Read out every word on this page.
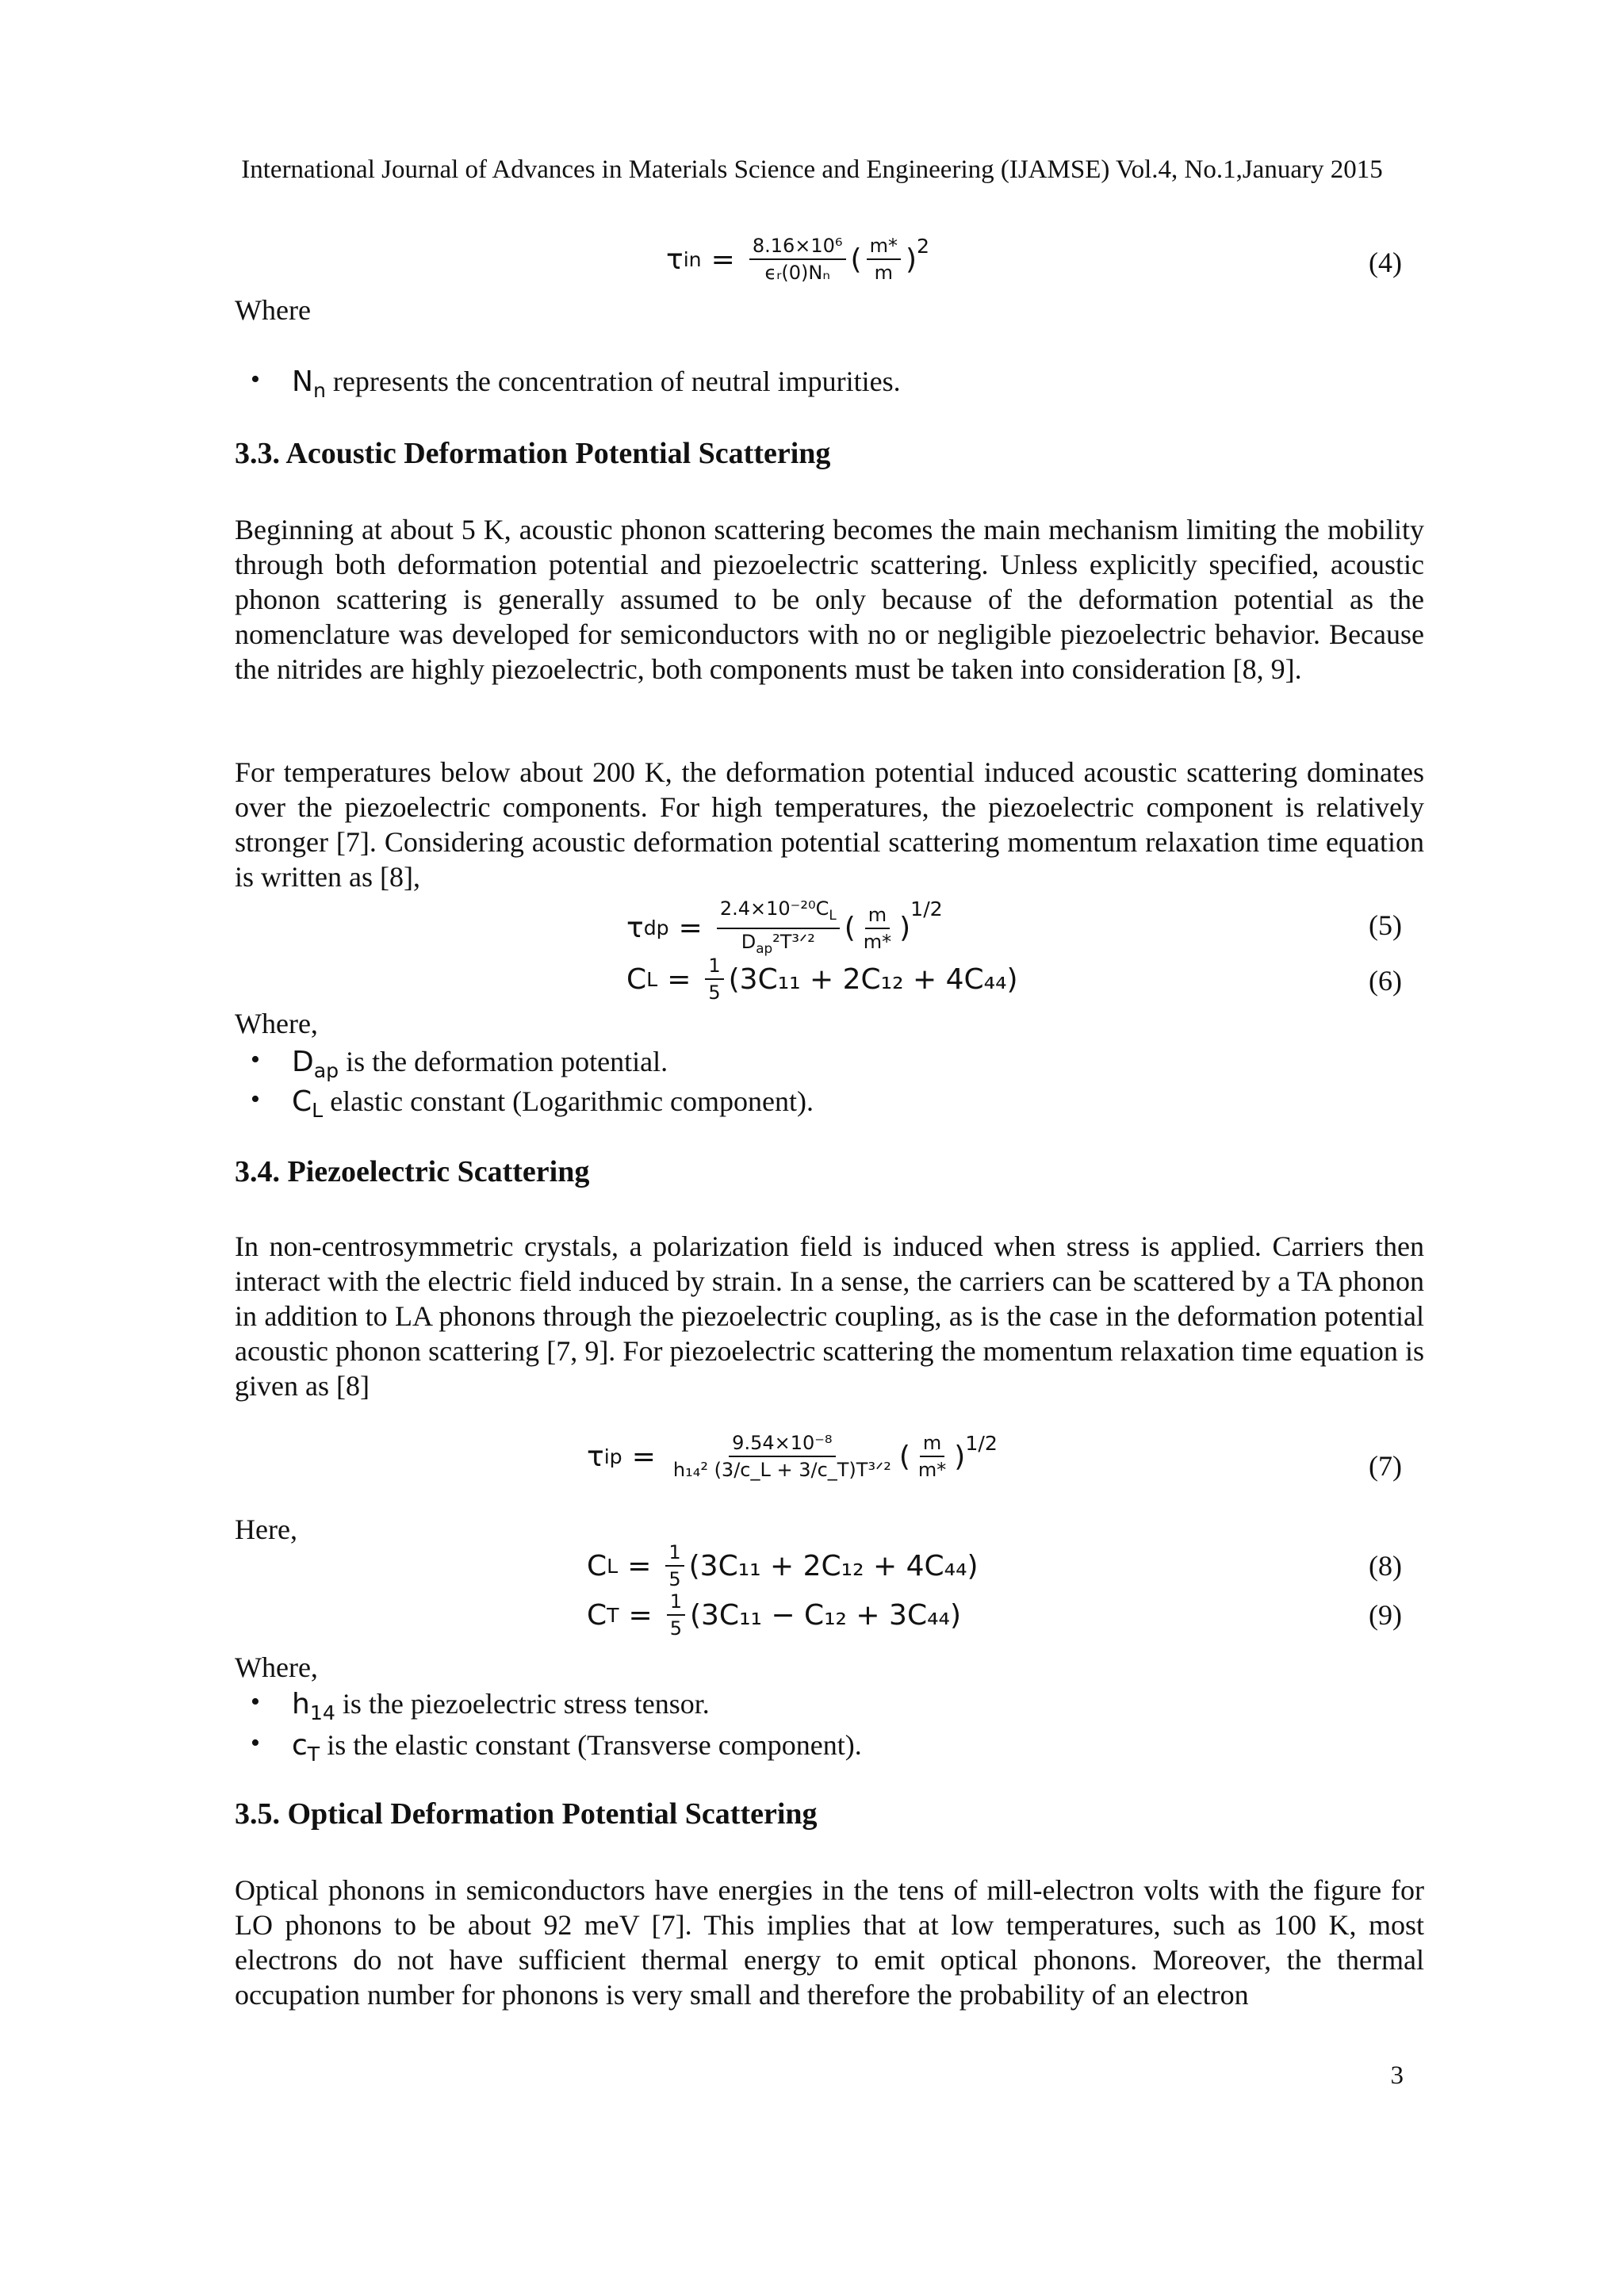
International Journal of Advances in Materials Science and Engineering (IJAMSE) Vol.4, No.1,January 2015
τ in = $\frac{\text{8.16×10⁶}}{\text{ϵᵣ(0)Nₙ}}$ ( $\frac{m*}{m} )^2$
(4)
Where
• $N_n$ represents the concentration of neutral impurities.
3.3. Acoustic Deformation Potential Scattering

Beginning at about 5 K, acoustic phonon scattering becomes the main mechanism limiting the mobility through both deformation potential and piezoelectric scattering. Unless explicitly specified, acoustic phonon scattering is generally assumed to be only because of the deformation potential as the nomenclature was developed for semiconductors with no or negligible piezoelectric behavior. Because the nitrides are highly piezoelectric, both components must be taken into consideration [8, 9].

For temperatures below about 200 K, the deformation potential induced acoustic scattering dominates over the piezoelectric components. For high temperatures, the piezoelectric component is relatively stronger [7]. Considering acoustic deformation potential scattering momentum relaxation time equation is written as [8],

τ dp = $\frac{2.4\times 10^{-20}C_L}{D_{ap}^2T^3ᐟ^2}$ ( $\frac{m}{m*}$ )
$^{1/2}$
(5)
C $L = \frac{1}{5} (3C_{11} + 2C_{12} + 4C_{44})$	(6)
Where,
• $D_{ap}$ is the deformation potential.
• $C_L$ elastic constant (Logarithmic component).
3.4. Piezoelectric Scattering

In non-centrosymmetric crystals, a polarization field is induced when stress is applied. Carriers then interact with the electric field induced by strain. In a sense, the carriers can be scattered by a TA phonon in addition to LA phonons through the piezoelectric coupling, as is the case in the deformation potential acoustic phonon scattering [7, 9]. For piezoelectric scattering the momentum relaxation time equation is given as [8]

τ ip = $\frac{\text{9.54×10⁻⁸}}{\text{h₁₄² (3/c\_L + 3/c\_T)T³ᐟ²}}$ ( $\frac{m}{m*} )^{1/2}$
(7)
Here,
C $L = \frac{1}{5} (3C_{11} + 2C_{12} + 4C_{44})$	(8)
C $T = \frac{1}{5} (3C_{11} - C_{12} + 3C_{44})$	(9)
Where,
• $h_{14}$ is the piezoelectric stress tensor.
• $c_T$ is the elastic constant (Transverse component).
3.5. Optical Deformation Potential Scattering

Optical phonons in semiconductors have energies in the tens of mill-electron volts with the figure for LO phonons to be about 92 meV [7]. This implies that at low temperatures, such as 100 K, most electrons do not have sufficient thermal energy to emit optical phonons. Moreover, the thermal occupation number for phonons is very small and therefore the probability of an electron

3
